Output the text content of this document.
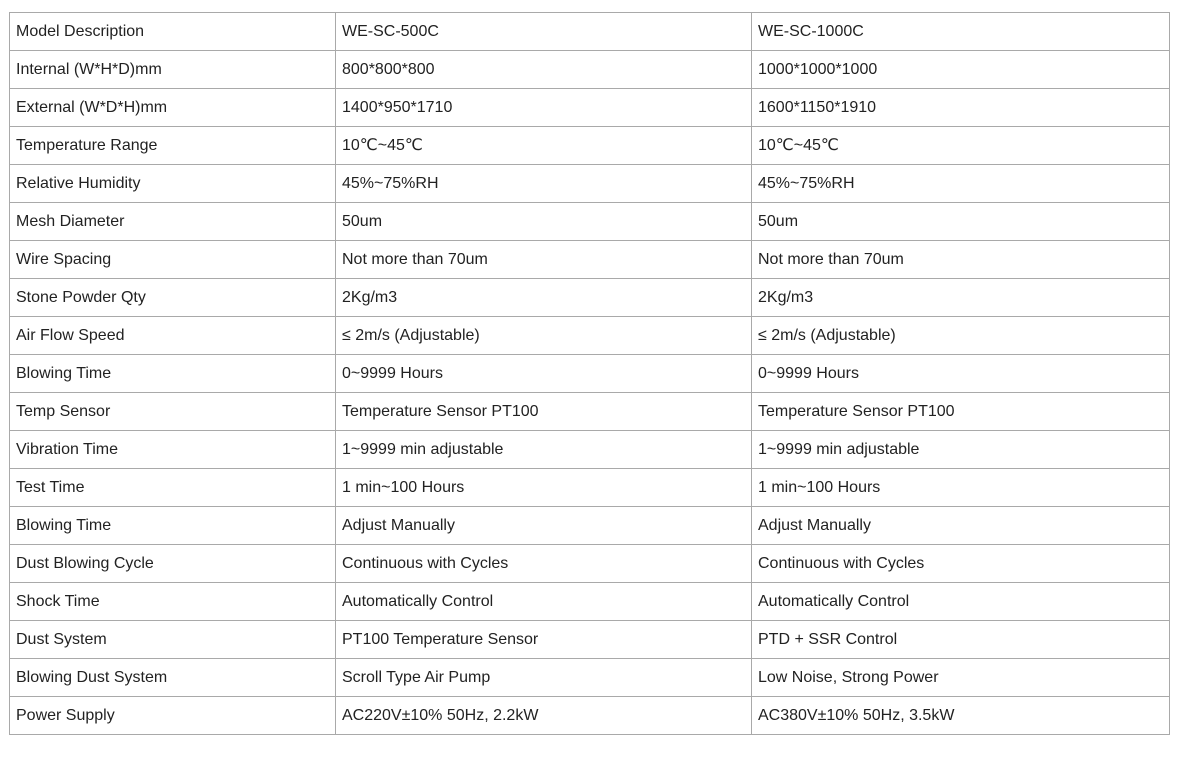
Model Description	WE-SC-500C	WE-SC-1000C
Internal (W*H*D)mm	800*800*800	1000*1000*1000
External (W*D*H)mm	1400*950*1710	1600*1150*1910
Temperature Range	10℃~45℃	10℃~45℃
Relative Humidity	45%~75%RH	45%~75%RH
Mesh Diameter	50um	50um
Wire Spacing	Not more than 70um	Not more than 70um
Stone Powder Qty	2Kg/m3	2Kg/m3
Air Flow Speed	≤ 2m/s (Adjustable)	≤ 2m/s (Adjustable)
Blowing Time	0~9999 Hours	0~9999 Hours
Temp Sensor	Temperature Sensor PT100	Temperature Sensor PT100
Vibration Time	1~9999 min adjustable	1~9999 min adjustable
Test Time	1 min~100 Hours	1 min~100 Hours
Blowing Time	Adjust Manually	Adjust Manually
Dust Blowing Cycle	Continuous with Cycles	Continuous with Cycles
Shock Time	Automatically Control	Automatically Control
Dust System	PT100 Temperature Sensor	PTD + SSR Control
Blowing Dust System	Scroll Type Air Pump	Low Noise, Strong Power
Power Supply	AC220V±10% 50Hz, 2.2kW	AC380V±10% 50Hz, 3.5kW
